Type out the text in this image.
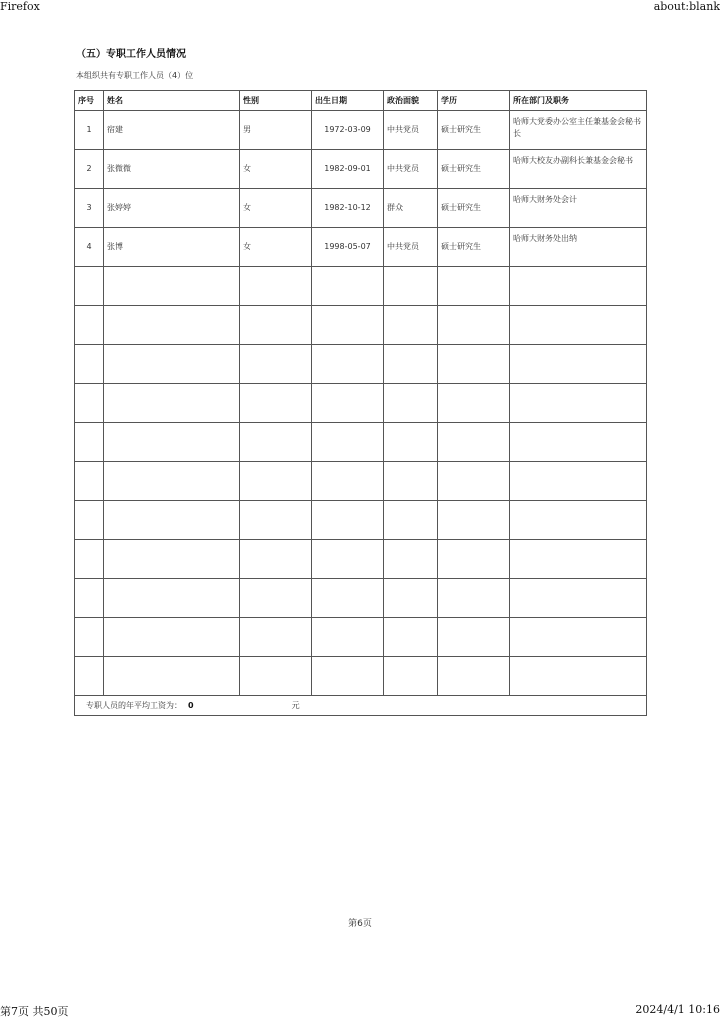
Firefox	about:blank
（五）专职工作人员情况
本组织共有专职工作人员（4）位
序号	姓名	性别	出生日期	政治面貌	学历	所在部门及职务
1	宿建	男	1972-03-09	中共党员	硕士研究生	哈师大党委办公室主任兼基金会秘书长
2	张微微	女	1982-09-01	中共党员	硕士研究生	哈师大校友办副科长兼基金会秘书
3	张婷婷	女	1982-10-12	群众	硕士研究生	哈师大财务处会计
4	张博	女	1998-05-07	中共党员	硕士研究生	哈师大财务处出纳

专职人员的年平均工资为： 0 元						
第6页
第7页 共50页	2024/4/1 10:16
